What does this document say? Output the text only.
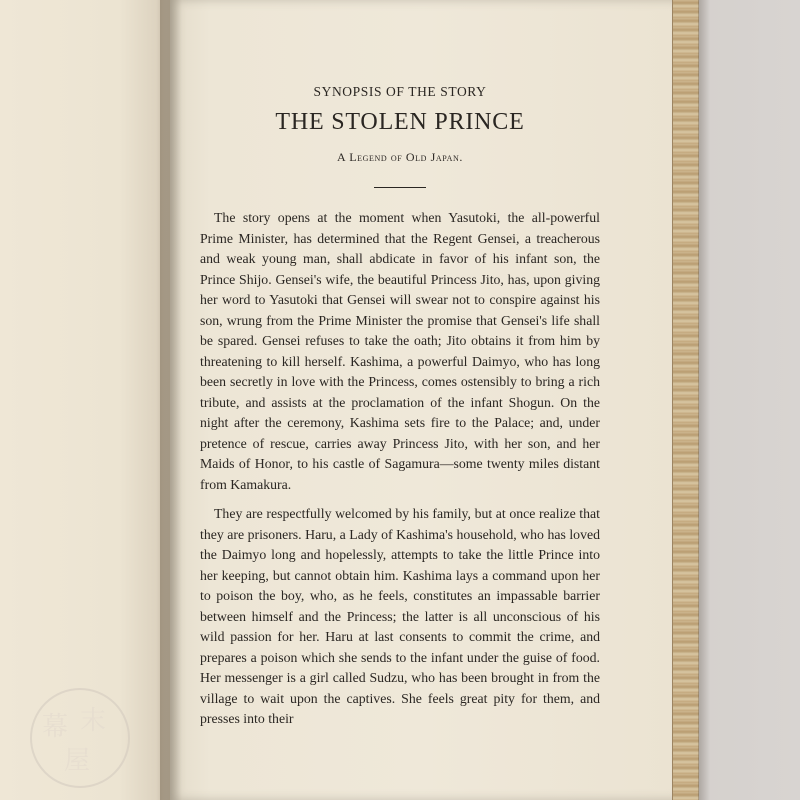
SYNOPSIS OF THE STORY
THE STOLEN PRINCE
A Legend of Old Japan.

The story opens at the moment when Yasutoki, the all-powerful Prime Minister, has determined that the Regent Gensei, a treacherous and weak young man, shall abdicate in favor of his infant son, the Prince Shijo. Gensei's wife, the beautiful Princess Jito, has, upon giving her word to Yasutoki that Gensei will swear not to conspire against his son, wrung from the Prime Minister the promise that Gensei's life shall be spared. Gensei refuses to take the oath; Jito obtains it from him by threatening to kill herself. Kashima, a powerful Daimyo, who has long been secretly in love with the Princess, comes ostensibly to bring a rich tribute, and assists at the proclamation of the infant Shogun. On the night after the ceremony, Kashima sets fire to the Palace; and, under pretence of rescue, carries away Princess Jito, with her son, and her Maids of Honor, to his castle of Sagamura—some twenty miles distant from Kamakura.

They are respectfully welcomed by his family, but at once realize that they are prisoners. Haru, a Lady of Kashima's household, who has loved the Daimyo long and hopelessly, attempts to take the little Prince into her keeping, but cannot obtain him. Kashima lays a command upon her to poison the boy, who, as he feels, constitutes an impassable barrier between himself and the Princess; the latter is all unconscious of his wild passion for her. Haru at last consents to commit the crime, and prepares a poison which she sends to the infant under the guise of food. Her messenger is a girl called Sudzu, who has been brought in from the village to wait upon the captives. She feels great pity for them, and presses into their

幕 末
屋
